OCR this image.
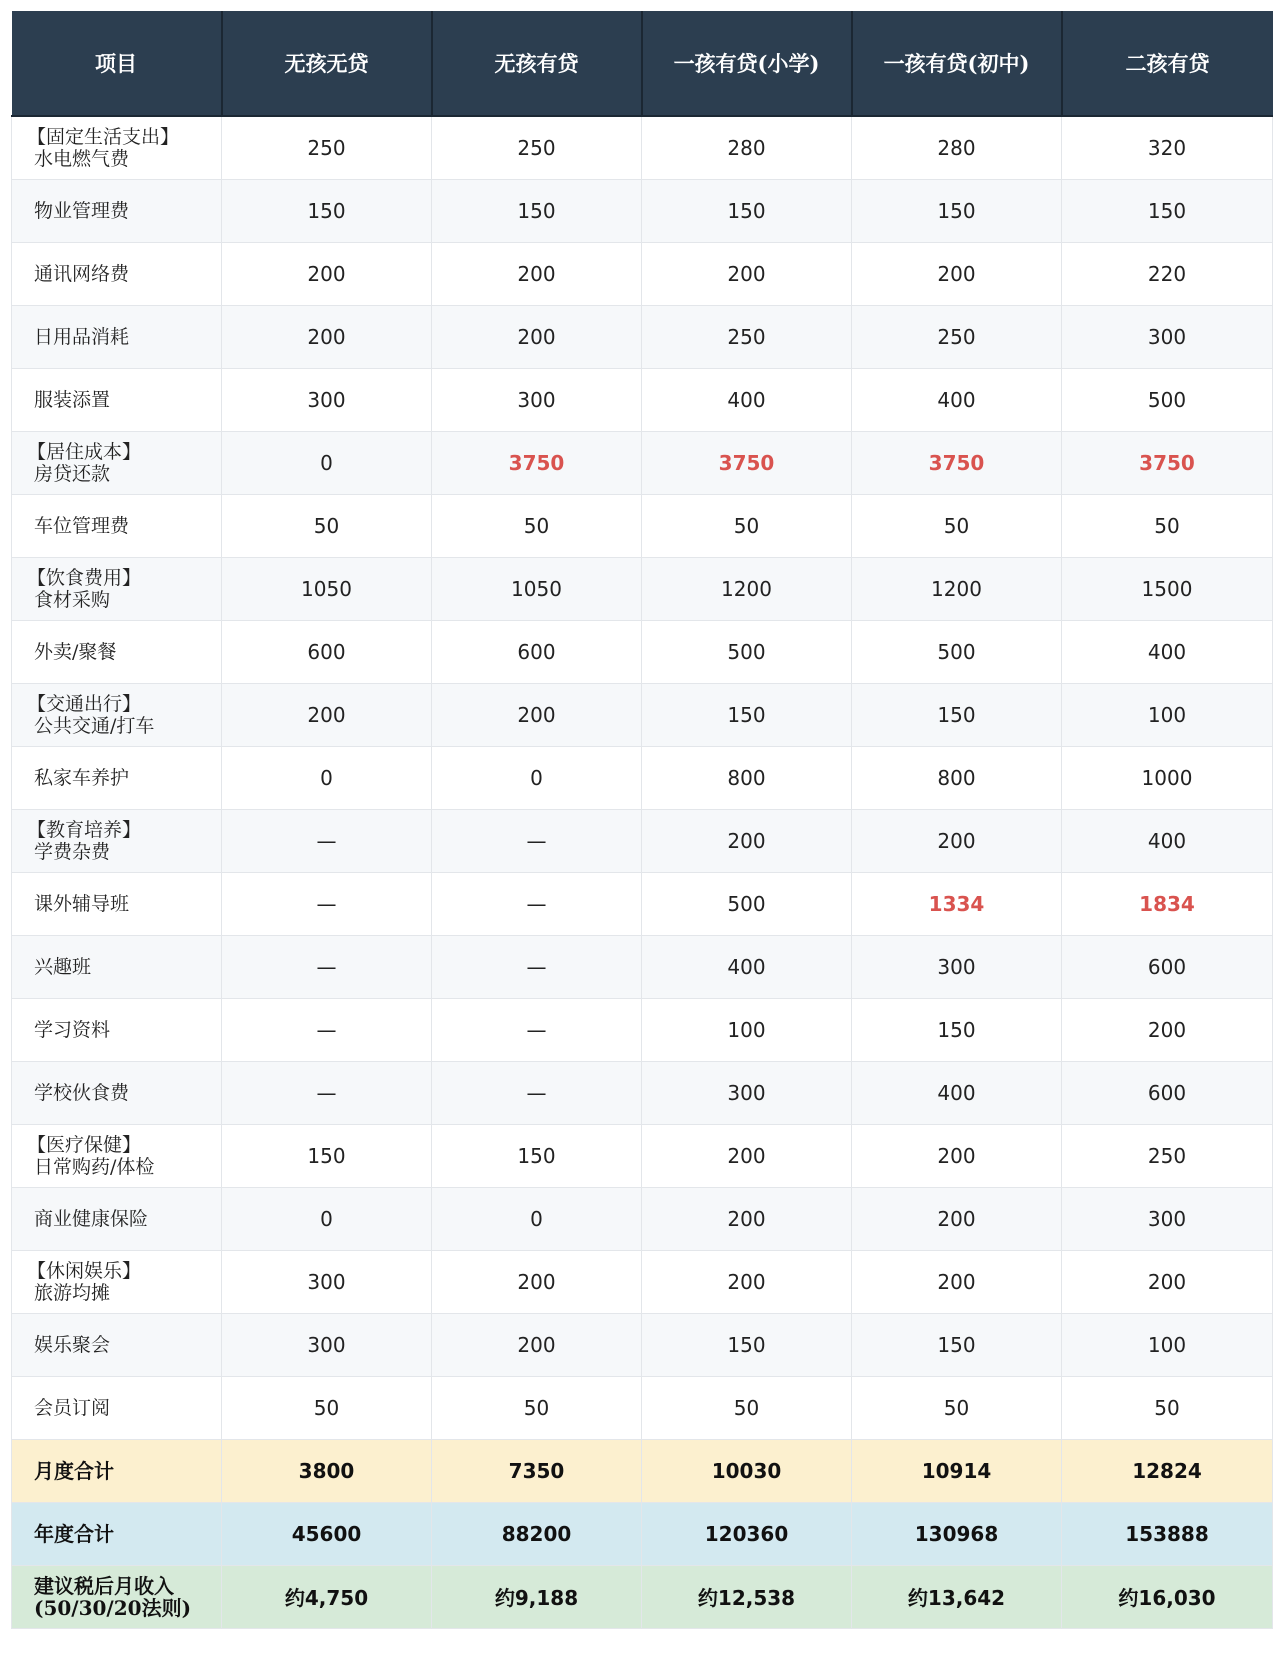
项目	无孩无贷	无孩有贷	一孩有贷(小学)	一孩有贷(初中)	二孩有贷

【固定生活支出】
水电燃气费	250	250	280	280	320
物业管理费	150	150	150	150	150
通讯网络费	200	200	200	200	220
日用品消耗	200	200	250	250	300
服装添置	300	300	400	400	500

【居住成本】
房贷还款	0	3750	3750	3750	3750
车位管理费	50	50	50	50	50

【饮食费用】
食材采购	1050	1050	1200	1200	1500
外卖/聚餐	600	600	500	500	400

【交通出行】
公共交通/打车	200	200	150	150	100
私家车养护	0	0	800	800	1000

【教育培养】
学费杂费	—	—	200	200	400
课外辅导班	—	—	500	1334	1834
兴趣班	—	—	400	300	600
学习资料	—	—	100	150	200
学校伙食费	—	—	300	400	600

【医疗保健】
日常购药/体检	150	150	200	200	250
商业健康保险	0	0	200	200	300

【休闲娱乐】
旅游均摊	300	200	200	200	200
娱乐聚会	300	200	150	150	100
会员订阅	50	50	50	50	50
月度合计	3800	7350	10030	10914	12824
年度合计	45600	88200	120360	130968	153888

建议税后月收入
(50/30/20法则)	约4,750	约9,188	约12,538	约13,642	约16,030
